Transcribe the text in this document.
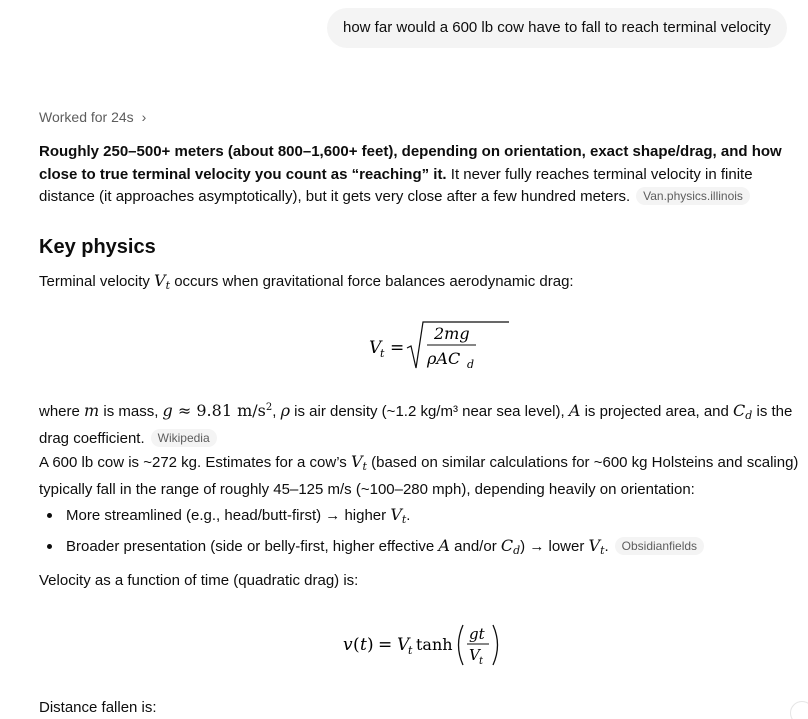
how far would a 600 lb cow have to fall to reach terminal velocity
Worked for 24s ›
Roughly 250–500+ meters (about 800–1,600+ feet), depending on orientation, exact shape/drag, and how close to true terminal velocity you count as “reaching” it. It never fully reaches terminal velocity in finite distance (it approaches asymptotically), but it gets very close after a few hundred meters. Van.physics.illinois
Key physics
Terminal velocity $V_t$ occurs when gravitational force balances aerodynamic drag:
V
t =
2mg
ρAC d
where m is mass, g ≈ 9.81 $m/s^2$, ρ is air density (~1.2 kg/m³ near sea level), A is projected area, and $C_d$ is the drag coefficient. Wikipedia
A 600 lb cow is ~272 kg. Estimates for a cow’s $V_t$ (based on similar calculations for ~600 kg Holsteins and scaling) typically fall in the range of roughly 45–125 m/s (~100–280 mph), depending heavily on orientation:
More streamlined (e.g., head/butt-first) → higher $V_t$.
Broader presentation (side or belly-first, higher effective A and/or $C_d$) → lower $V_t$. Obsidianfields
Velocity as a function of time (quadratic drag) is:
v ( t ) = V
t tanh
gt
V t
Distance fallen is:
